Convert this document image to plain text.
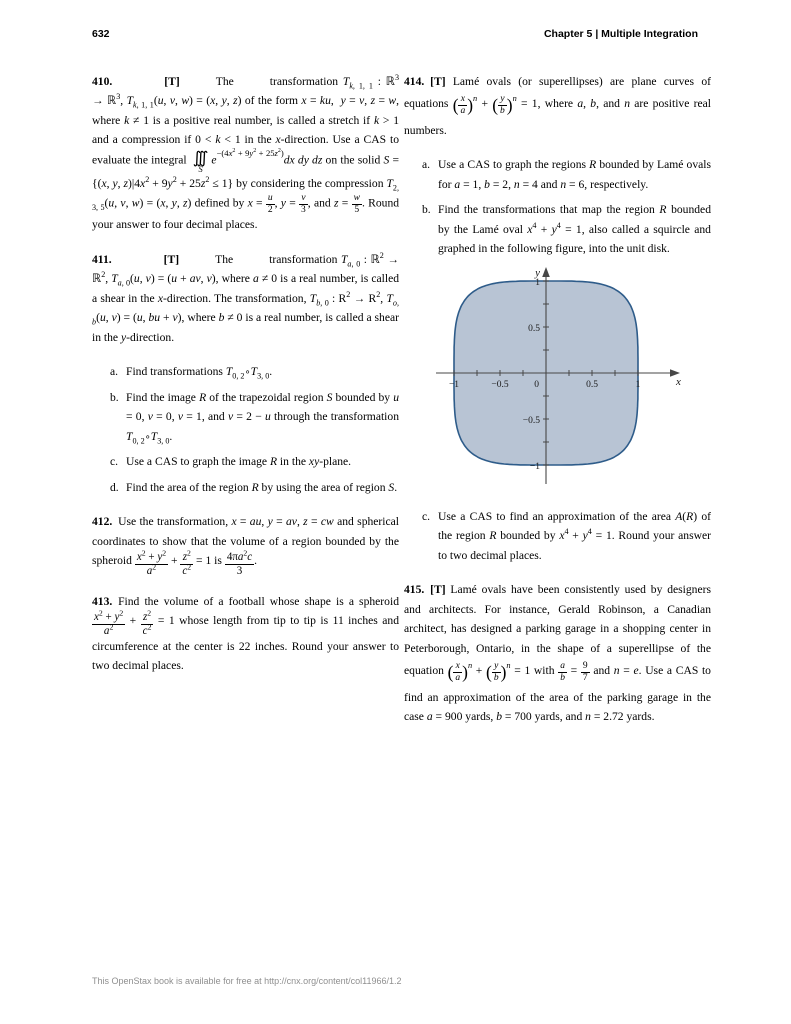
632	Chapter 5 | Multiple Integration

410.	[T]	The	transformation $T_{k, 1, 1}$ : ℝ$^3$ → ℝ$^3$, $T_{k, 1, 1}(u$, v, w) = (x, y, z) of the form x = ku,  y = v, z = w, where k ≠ 1 is a positive real number, is called a stretch if k > 1 and a compression if 0 < k < 1 in the x-direction. Use a CAS to evaluate the integral ∫∫∫
S
$e^{-(4x^2 + 9y^2 + 25z^2)}dx$ dy dz on the solid S = {(x, y, $z)|4x^2 + 9y^2 + 25z^2 \le 1$} by considering the compression $T_{2, 3, 5}(u$, v, w) = (x, y, z) defined by $x = \frac{u}{2}$ , $y = \frac{v}{3}$ , and $z = \frac{w}{5}$ . Round your answer to four decimal places.

411.	[T]	The	transformation $T_{a, 0}$ : ℝ$^2$ → ℝ$^2$, $T_{a, 0}(u$, v) = (u + av, v), where a ≠ 0 is a real number, is called a shear in the x-direction. The transformation, $T_{b, 0}$ : $R^2 \to R^2$, $T_{o, b}(u$, v) = (u, bu + v), where b ≠ 0 is a real number, is called a shear in the y-direction.

a. Find transformations $T_{0, 2}\circ T_{3, 0}$.
b. Find the image R of the trapezoidal region S bounded by u = 0, v = 0, v = 1, and v = 2 − u through the transformation $T_{0, 2}\circ T_{3, 0}$.
c. Use a CAS to graph the image R in the xy-plane.
d. Find the area of the region R by using the area of region S.

412. Use the transformation, x = au, y = av, z = cw and spherical coordinates to show that the volume of a region bounded by the spheroid $\frac{x^2 + y^2}{a^2} + \frac{z^2}{c^2} = 1$ is $\frac{4\pi a^2c}{3}$ .

413. Find the volume of a football whose shape is a spheroid
$\frac{x^2 + y^2}{a^2} + \frac{z^2}{c^2} = 1$ whose length from tip to tip is 11 inches and circumference at the center is 22 inches. Round your answer to two decimal places.

414.  [T] Lamé ovals (or superellipses) are plane curves of equations ( $\frac{x}{a} )^n$ + ( $\frac{y}{b} )^n = 1$, where a, b, and n are positive real numbers.

a. Use a CAS to graph the regions R bounded by Lamé ovals for a = 1, b = 2, n = 4 and n = 6, respectively.
b. Find the transformations that map the region R bounded by the Lamé oval $x^4 + y^4 = 1$, also called a squircle and graphed in the following figure, into the unit disk.
−1	−0.5	0	0.5	1
1
0.5
−0.5
−1
x
y
c. Use a CAS to find an approximation of the area A(R) of the region R bounded by $x^4 + y^4 = 1$. Round your answer to two decimal places.

415.  [T] Lamé ovals have been consistently used by designers and architects. For instance, Gerald Robinson, a Canadian architect, has designed a parking garage in a shopping center in Peterborough, Ontario, in the shape of a superellipse of the equation ( $\frac{x}{a} )^n$ + ( $\frac{y}{b} )^n = 1$ with $\frac{a}{b} = \frac{9}{7}$ and n = e. Use a CAS to find an approximation of the area of the parking garage in the case a = 900 yards, b = 700 yards, and n = 2.72 yards.

This OpenStax book is available for free at http://cnx.org/content/col11966/1.2
